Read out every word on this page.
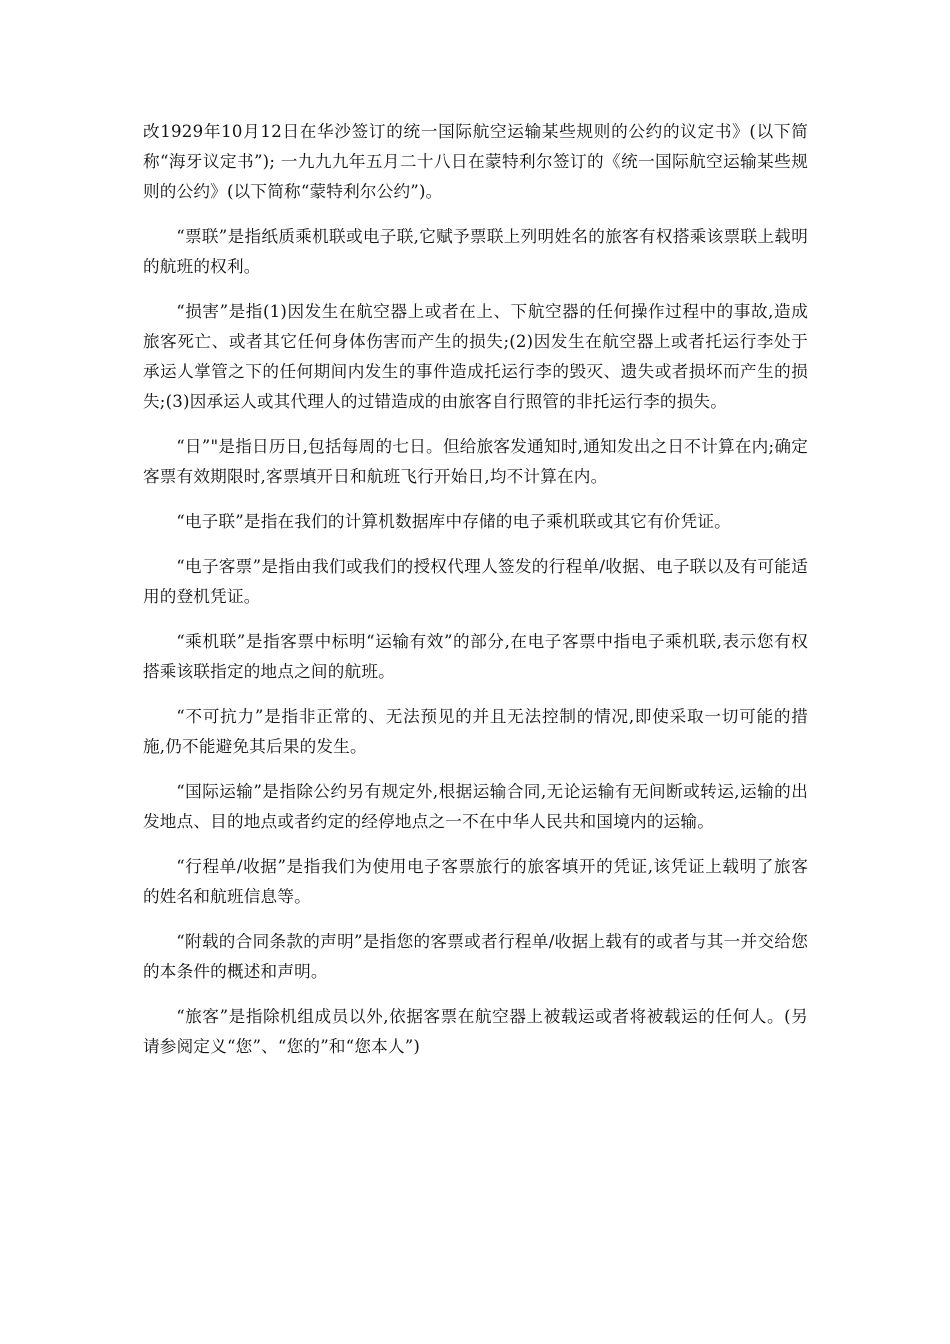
改1929年10月12日在华沙签订的统一国际航空运输某些规则的公约的议定书》(以下简称“海牙议定书”); 一九九九年五月二十八日在蒙特利尔签订的《统一国际航空运输某些规则的公约》(以下简称“蒙特利尔公约”)。

“票联”是指纸质乘机联或电子联,它赋予票联上列明姓名的旅客有权搭乘该票联上载明的航班的权利。

“损害”是指(1)因发生在航空器上或者在上、下航空器的任何操作过程中的事故,造成旅客死亡、或者其它任何身体伤害而产生的损失;(2)因发生在航空器上或者托运行李处于承运人掌管之下的任何期间内发生的事件造成托运行李的毁灭、遗失或者损坏而产生的损失;(3)因承运人或其代理人的过错造成的由旅客自行照管的非托运行李的损失。

“日”"是指日历日,包括每周的七日。但给旅客发通知时,通知发出之日不计算在内;确定客票有效期限时,客票填开日和航班飞行开始日,均不计算在内。

“电子联”是指在我们的计算机数据库中存储的电子乘机联或其它有价凭证。

“电子客票”是指由我们或我们的授权代理人签发的行程单/收据、电子联以及有可能适用的登机凭证。

“乘机联”是指客票中标明“运输有效”的部分,在电子客票中指电子乘机联,表示您有权搭乘该联指定的地点之间的航班。

“不可抗力”是指非正常的、无法预见的并且无法控制的情况,即使采取一切可能的措施,仍不能避免其后果的发生。

“国际运输”是指除公约另有规定外,根据运输合同,无论运输有无间断或转运,运输的出发地点、目的地点或者约定的经停地点之一不在中华人民共和国境内的运输。

“行程单/收据”是指我们为使用电子客票旅行的旅客填开的凭证,该凭证上载明了旅客的姓名和航班信息等。

“附载的合同条款的声明”是指您的客票或者行程单/收据上载有的或者与其一并交给您的本条件的概述和声明。

“旅客”是指除机组成员以外,依据客票在航空器上被载运或者将被载运的任何人。(另请参阅定义“您”、“您的”和“您本人”)
